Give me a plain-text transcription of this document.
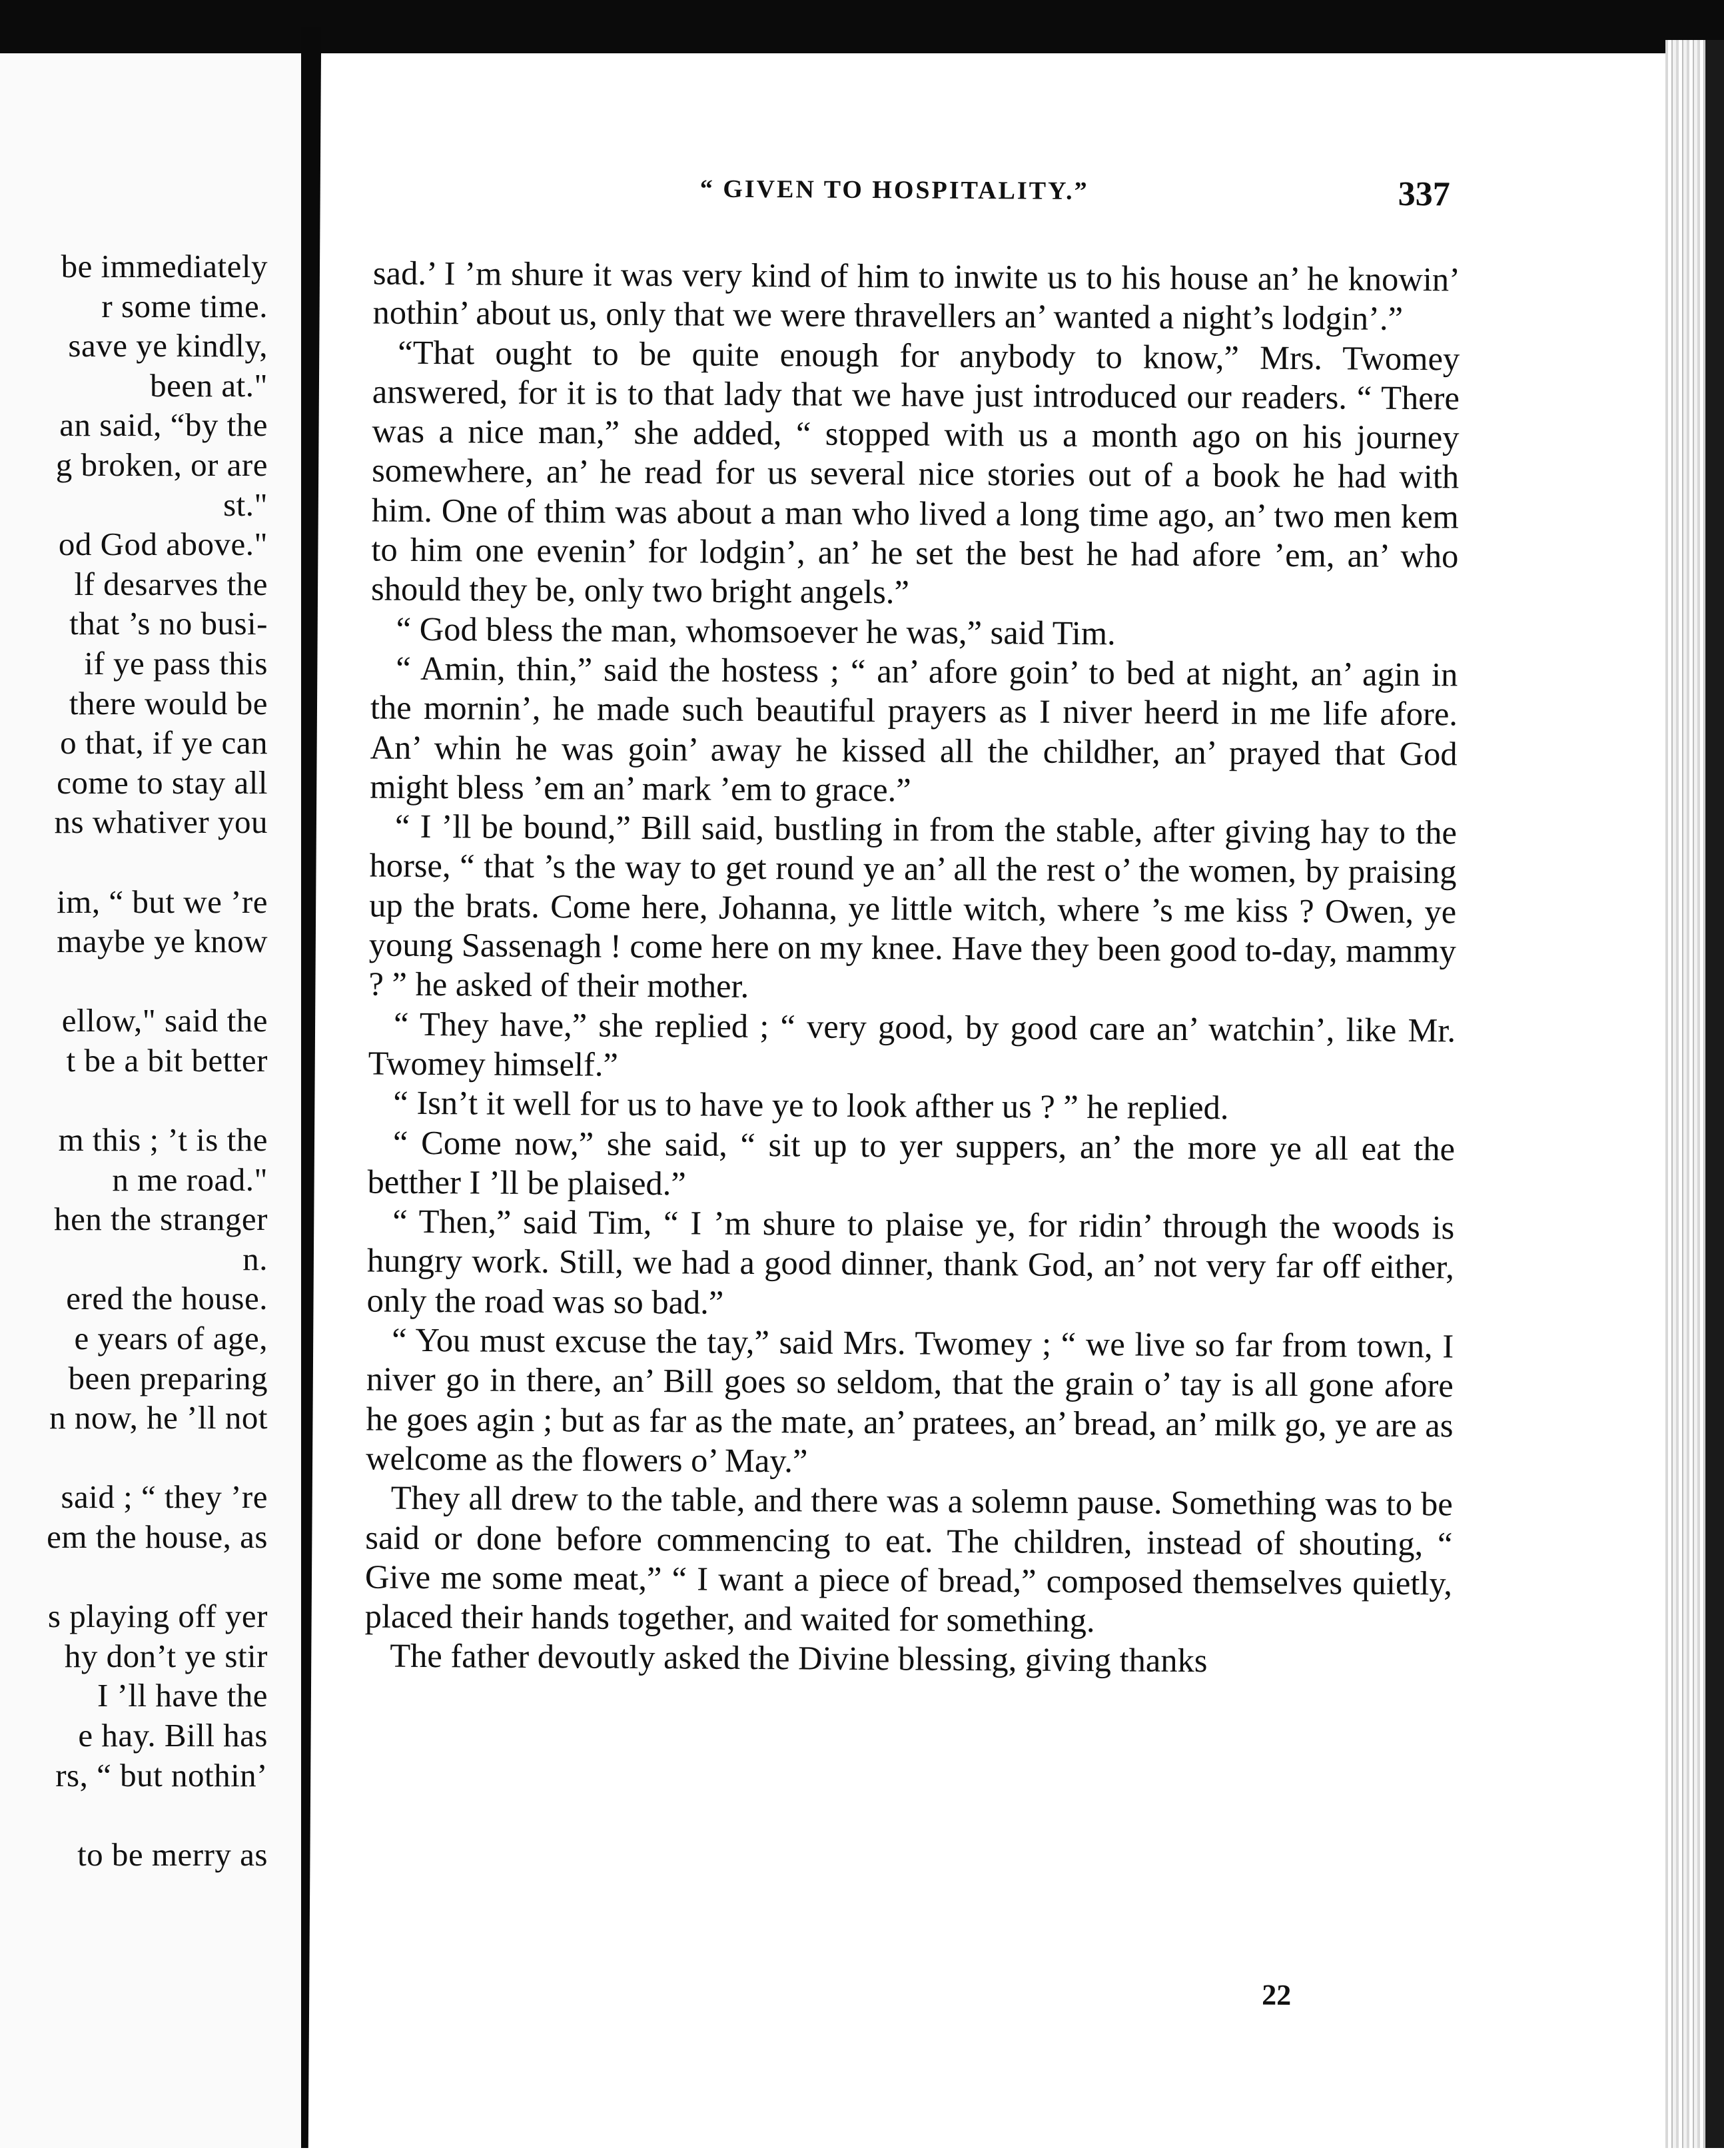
be immediately
r some time.
save ye kindly,
been at."
an said, “by the
g broken, or are
st."
od God above."
lf desarves the
that ’s no busi-
if ye pass this
there would be
o that, if ye can
come to stay all
ns whativer you
im, “ but we ’re
maybe ye know
ellow," said the
t be a bit better
m this ; ’t is the
n me road."
hen the stranger
n.
ered the house.
e years of age,
been preparing
n now, he ’ll not
said ; “ they ’re
em the house, as
s playing off yer
hy don’t ye stir
I ’ll have the
e hay. Bill has
rs, “ but nothin’
to be merry as
“ GIVEN TO HOSPITALITY.”	337

sad.’ I ’m shure it was very kind of him to inwite us to his house an’ he knowin’ nothin’ about us, only that we were thravellers an’ wanted a night’s lodgin’.”

“That ought to be quite enough for anybody to know,” Mrs. Twomey answered, for it is to that lady that we have just introduced our readers. “ There was a nice man,” she added, “ stopped with us a month ago on his journey somewhere, an’ he read for us several nice stories out of a book he had with him. One of thim was about a man who lived a long time ago, an’ two men kem to him one evenin’ for lodgin’, an’ he set the best he had afore ’em, an’ who should they be, only two bright angels.”

“ God bless the man, whomsoever he was,” said Tim.

“ Amin, thin,” said the hostess ; “ an’ afore goin’ to bed at night, an’ agin in the mornin’, he made such beautiful prayers as I niver heerd in me life afore. An’ whin he was goin’ away he kissed all the childher, an’ prayed that God might bless ’em an’ mark ’em to grace.”

“ I ’ll be bound,” Bill said, bustling in from the stable, after giving hay to the horse, “ that ’s the way to get round ye an’ all the rest o’ the women, by praising up the brats. Come here, Johanna, ye little witch, where ’s me kiss ? Owen, ye young Sassenagh ! come here on my knee. Have they been good to-day, mammy ? ” he asked of their mother.

“ They have,” she replied ; “ very good, by good care an’ watchin’, like Mr. Twomey himself.”

“ Isn’t it well for us to have ye to look afther us ? ” he replied.

“ Come now,” she said, “ sit up to yer suppers, an’ the more ye all eat the betther I ’ll be plaised.”

“ Then,” said Tim, “ I ’m shure to plaise ye, for ridin’ through the woods is hungry work. Still, we had a good dinner, thank God, an’ not very far off either, only the road was so bad.”

“ You must excuse the tay,” said Mrs. Twomey ; “ we live so far from town, I niver go in there, an’ Bill goes so seldom, that the grain o’ tay is all gone afore he goes agin ; but as far as the mate, an’ pratees, an’ bread, an’ milk go, ye are as welcome as the flowers o’ May.”

They all drew to the table, and there was a solemn pause. Something was to be said or done before commencing to eat. The children, instead of shouting, “ Give me some meat,” “ I want a piece of bread,” composed themselves quietly, placed their hands together, and waited for something.

The father devoutly asked the Divine blessing, giving thanks

22
